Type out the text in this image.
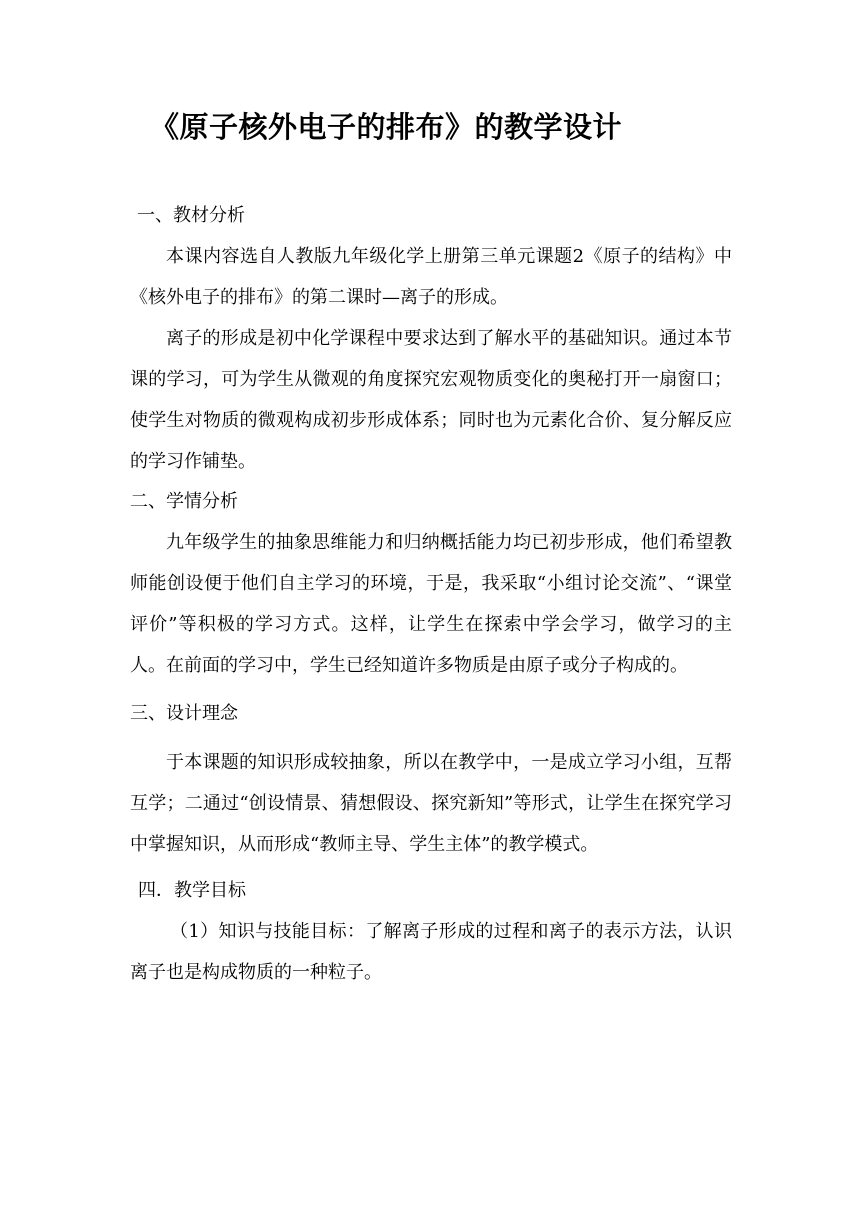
《原子核外电子的排布》的教学设计
一、教材分析

本课内容选自人教版九年级化学上册第三单元课题2《原子的结构》中《核外电子的排布》的第二课时—离子的形成。

离子的形成是初中化学课程中要求达到了解水平的基础知识。通过本节课的学习，可为学生从微观的角度探究宏观物质变化的奥秘打开一扇窗口；使学生对物质的微观构成初步形成体系；同时也为元素化合价、复分解反应的学习作铺垫。

二、学情分析

九年级学生的抽象思维能力和归纳概括能力均已初步形成，他们希望教师能创设便于他们自主学习的环境，于是，我采取“小组讨论交流”、“课堂评价”等积极的学习方式。这样，让学生在探索中学会学习，做学习的主人。在前面的学习中，学生已经知道许多物质是由原子或分子构成的。

三、设计理念

于本课题的知识形成较抽象，所以在教学中，一是成立学习小组，互帮互学；二通过“创设情景、猜想假设、探究新知”等形式，让学生在探究学习中掌握知识，从而形成“教师主导、学生主体”的教学模式。

四．教学目标

（1）知识与技能目标：了解离子形成的过程和离子的表示方法，认识离子也是构成物质的一种粒子。
